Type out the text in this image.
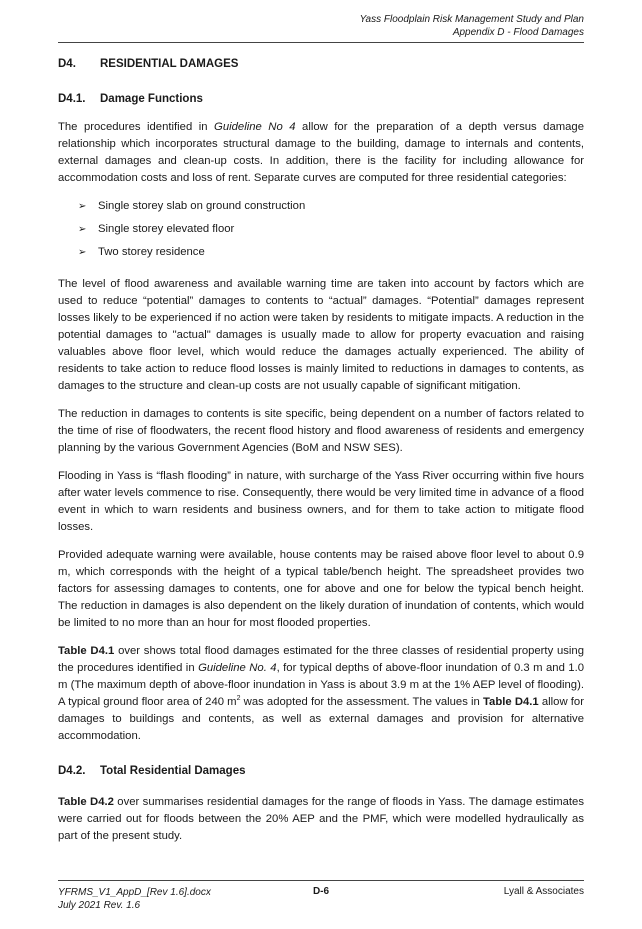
Yass Floodplain Risk Management Study and Plan
Appendix D - Flood Damages
D4.	RESIDENTIAL DAMAGES
D4.1.	Damage Functions

The procedures identified in Guideline No 4 allow for the preparation of a depth versus damage relationship which incorporates structural damage to the building, damage to internals and contents, external damages and clean-up costs. In addition, there is the facility for including allowance for accommodation costs and loss of rent. Separate curves are computed for three residential categories:

➢	Single storey slab on ground construction
➢	Single storey elevated floor
➢	Two storey residence

The level of flood awareness and available warning time are taken into account by factors which are used to reduce “potential” damages to contents to “actual” damages. “Potential” damages represent losses likely to be experienced if no action were taken by residents to mitigate impacts. A reduction in the potential damages to "actual" damages is usually made to allow for property evacuation and raising valuables above floor level, which would reduce the damages actually experienced. The ability of residents to take action to reduce flood losses is mainly limited to reductions in damages to contents, as damages to the structure and clean-up costs are not usually capable of significant mitigation.

The reduction in damages to contents is site specific, being dependent on a number of factors related to the time of rise of floodwaters, the recent flood history and flood awareness of residents and emergency planning by the various Government Agencies (BoM and NSW SES).

Flooding in Yass is “flash flooding” in nature, with surcharge of the Yass River occurring within five hours after water levels commence to rise. Consequently, there would be very limited time in advance of a flood event in which to warn residents and business owners, and for them to take action to mitigate flood losses.

Provided adequate warning were available, house contents may be raised above floor level to about 0.9 m, which corresponds with the height of a typical table/bench height. The spreadsheet provides two factors for assessing damages to contents, one for above and one for below the typical bench height. The reduction in damages is also dependent on the likely duration of inundation of contents, which would be limited to no more than an hour for most flooded properties.

Table D4.1 over shows total flood damages estimated for the three classes of residential property using the procedures identified in Guideline No. 4, for typical depths of above-floor inundation of 0.3 m and 1.0 m (The maximum depth of above-floor inundation in Yass is about 3.9 m at the 1% AEP level of flooding). A typical ground floor area of 240 $m^2$ was adopted for the assessment. The values in Table D4.1 allow for damages to buildings and contents, as well as external damages and provision for alternative accommodation.

D4.2.	Total Residential Damages

Table D4.2 over summarises residential damages for the range of floods in Yass. The damage estimates were carried out for floods between the 20% AEP and the PMF, which were modelled hydraulically as part of the present study.

YFRMS_V1_AppD_[Rev 1.6].docx
July 2021 Rev. 1.6
D-6	Lyall & Associates
